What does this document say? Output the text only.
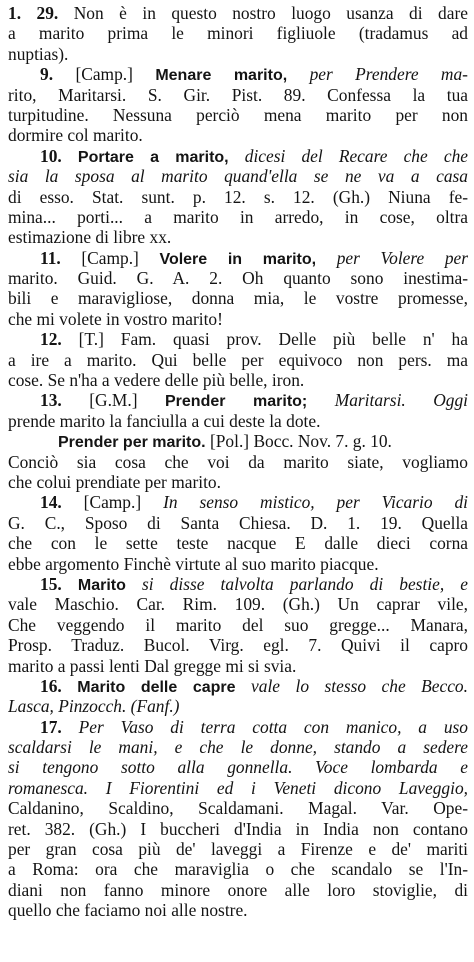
1. 29. Non è in questo nostro luogo usanza di dare
a marito prima le minori figliuole (tradamus ad
nuptias).
9. [Camp.] Menare marito, per Prendere ma-
rito, Maritarsi. S. Gir. Pist. 89. Confessa la tua
turpitudine. Nessuna perciò mena marito per non
dormire col marito.
10. Portare a marito, dicesi del Recare che che
sia la sposa al marito quand'ella se ne va a casa
di esso. Stat. sunt. p. 12. s. 12. (Gh.) Niuna fe-
mina... porti... a marito in arredo, in cose, oltra
estimazione di libre xx.
11. [Camp.] Volere in marito, per Volere per
marito. Guid. G. A. 2. Oh quanto sono inestima-
bili e maravigliose, donna mia, le vostre promesse,
che mi volete in vostro marito!
12. [T.] Fam. quasi prov. Delle più belle n' ha
a ire a marito. Qui belle per equivoco non pers. ma
cose. Se n'ha a vedere delle più belle, iron.
13. [G.M.] Prender marito; Maritarsi. Oggi
prende marito la fanciulla a cui deste la dote.
Prender per marito. [Pol.] Bocc. Nov. 7. g. 10.
Conciò sia cosa che voi da marito siate, vogliamo
che colui prendiate per marito.
14. [Camp.] In senso mistico, per Vicario di
G. C., Sposo di Santa Chiesa. D. 1. 19. Quella
che con le sette teste nacque E dalle dieci corna
ebbe argomento Finchè virtute al suo marito piacque.
15. Marito si disse talvolta parlando di bestie, e
vale Maschio. Car. Rim. 109. (Gh.) Un caprar vile,
Che veggendo il marito del suo gregge... Manara,
Prosp. Traduz. Bucol. Virg. egl. 7. Quivi il capro
marito a passi lenti Dal gregge mi si svia.
16. Marito delle capre vale lo stesso che Becco.
Lasca, Pinzocch. (Fanf.)
17. Per Vaso di terra cotta con manico, a uso
scaldarsi le mani, e che le donne, stando a sedere
si tengono sotto alla gonnella. Voce lombarda e
romanesca. I Fiorentini ed i Veneti dicono Laveggio,
Caldanino, Scaldino, Scaldamani. Magal. Var. Ope-
ret. 382. (Gh.) I buccheri d'India in India non contano
per gran cosa più de' laveggi a Firenze e de' mariti
a Roma: ora che maraviglia o che scandalo se l'In-
diani non fanno minore onore alle loro stoviglie, di
quello che faciamo noi alle nostre.
